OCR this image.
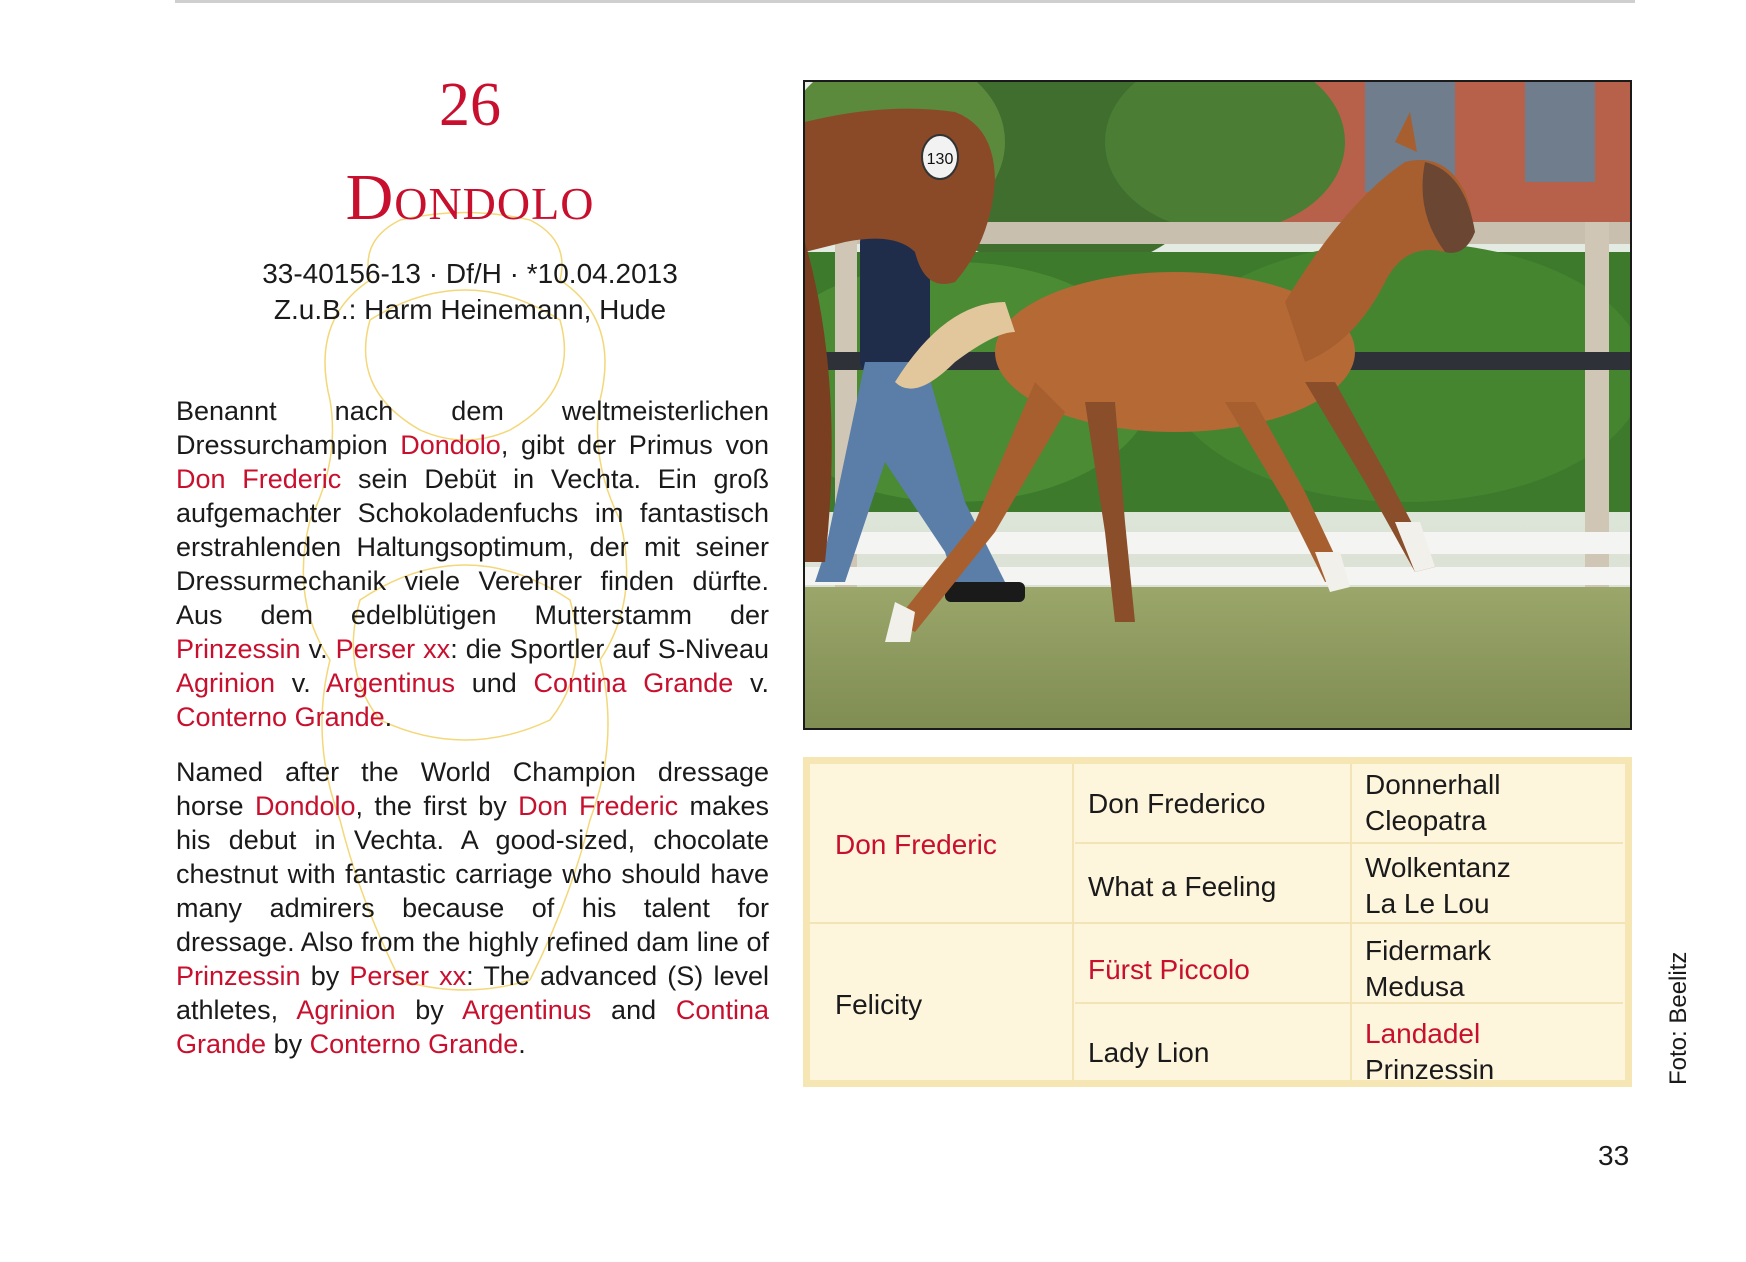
26
Dondolo
33-40156-13 · Df/H · *10.04.2013
Z.u.B.: Harm Heinemann, Hude
Benannt nach dem weltmeisterlichen Dressurchampion Dondolo, gibt der Primus von Don Frederic sein Debüt in Vechta. Ein groß aufgemachter Schokoladenfuchs im fantastisch erstrahlenden Haltungsoptimum, der mit seiner Dressurmechanik viele Verehrer finden dürfte. Aus dem edelblütigen Mutterstamm der Prinzessin v. Perser xx: die Sportler auf S-Niveau Agrinion v. Argentinus und Contina Grande v. Conterno Grande.
Named after the World Champion dressage horse Dondolo, the first by Don Frederic makes his debut in Vechta. A good-sized, chocolate chestnut with fantastic carriage who should have many admirers because of his talent for dressage. Also from the highly refined dam line of Prinzessin by Perser xx: The advanced (S) level athletes, Agrinion by Argentinus and Contina Grande by Conterno Grande.
130
Don Frederic
Felicity
Don Frederico
What a Feeling
Fürst Piccolo
Lady Lion
Donnerhall
Cleopatra
Wolkentanz
La Le Lou
Fidermark
Medusa
Landadel
Prinzessin	Foto: Beelitz
33
